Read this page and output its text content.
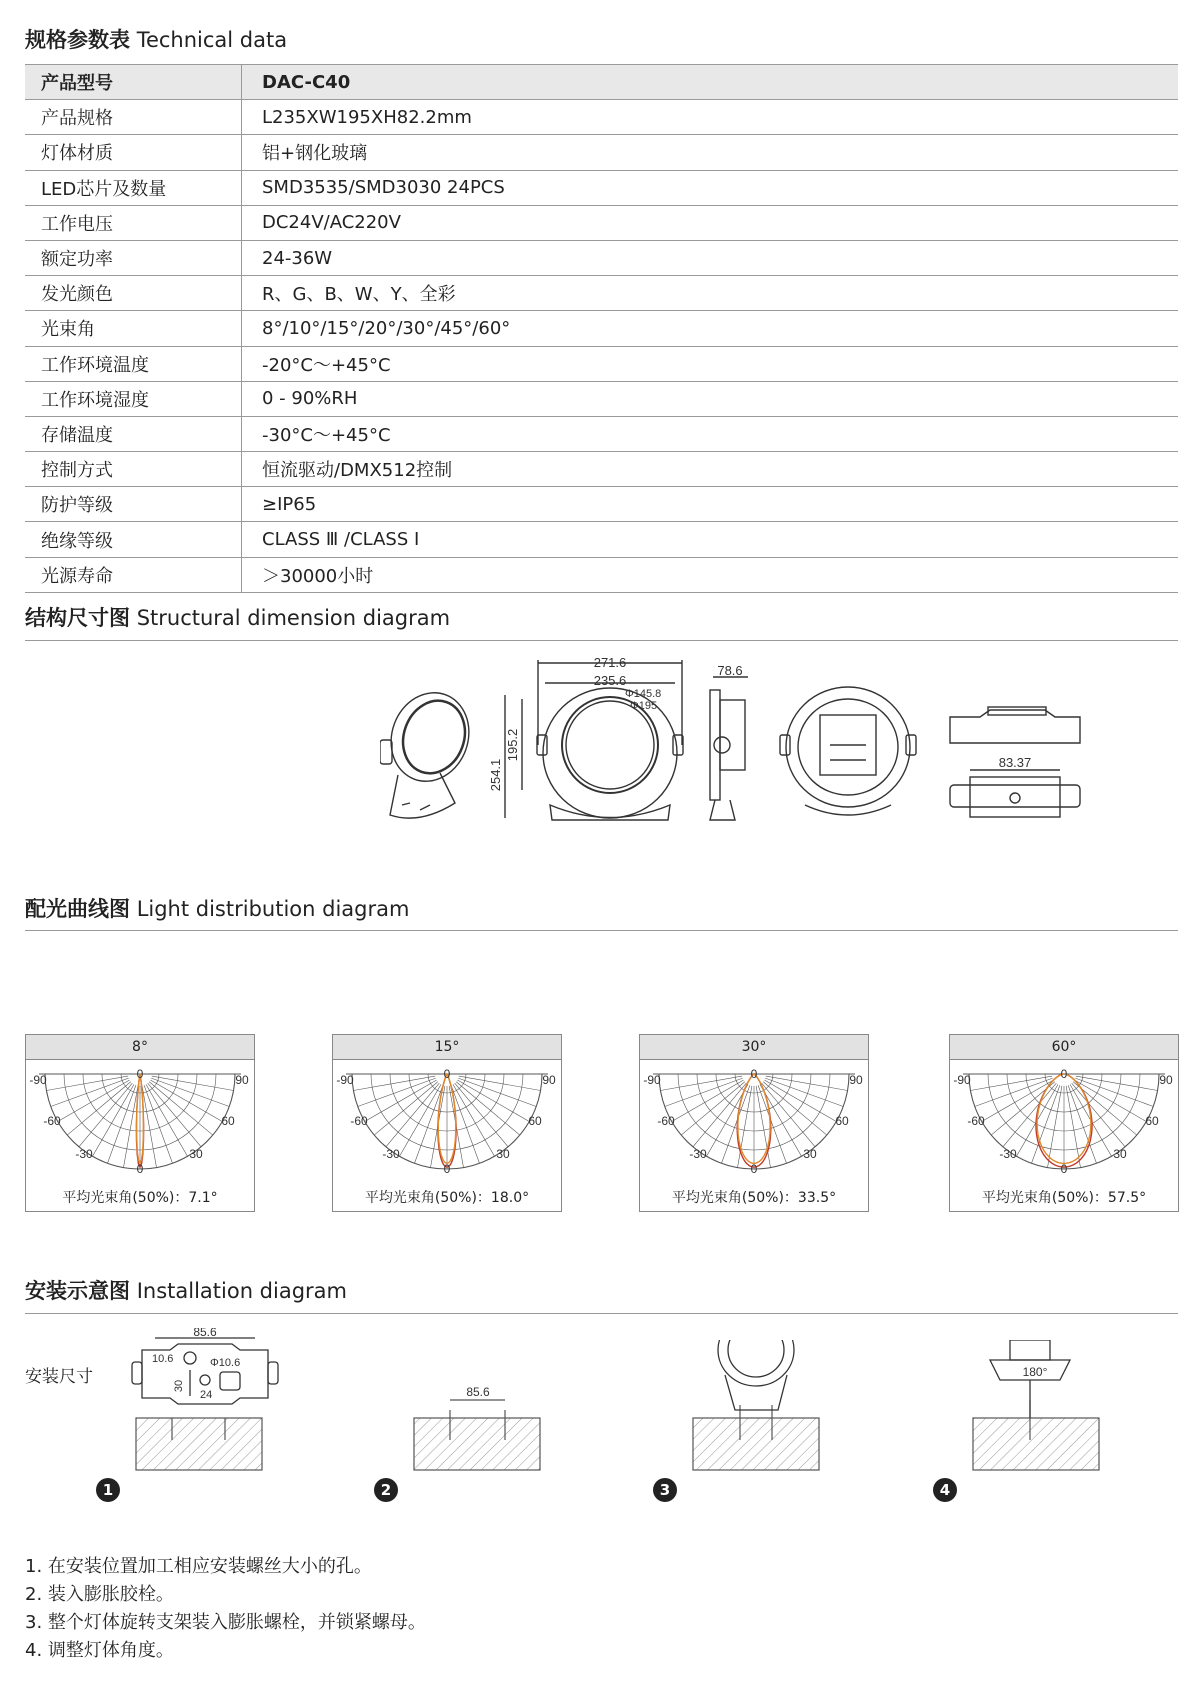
规格参数表 Technical data
产品型号	DAC-C40
产品规格	L235XW195XH82.2mm
灯体材质	铝+钢化玻璃
LED芯片及数量	SMD3535/SMD3030 24PCS
工作电压	DC24V/AC220V
额定功率	24-36W
发光颜色	R、G、B、W、Y、全彩
光束角	8°/10°/15°/20°/30°/45°/60°
工作环境温度	-20°C～+45°C
工作环境湿度	0 - 90%RH
存储温度	-30°C～+45°C
控制方式	恒流驱动/DMX512控制
防护等级	≥IP65
绝缘等级	CLASS Ⅲ /CLASS Ⅰ
光源寿命	＞30000小时
结构尺寸图 Structural dimension diagram
271.6
235.6
Φ145.8
Φ195
254.1
195.2
78.6
83.37
配光曲线图 Light distribution diagram
8°
-90	90
-60	60
-30	30
0
0
平均光束角(50%)：7.1°
15°
-90	90
-60	60
-30	30
0
0
平均光束角(50%)：18.0°
30°
-90	90
-60	60
-30	30
0
0
平均光束角(50%)：33.5°
60°
-90	90
-60	60
-30	30
0
0
平均光束角(50%)：57.5°
安装示意图 Installation diagram
安装尺寸
85.6
10.6	Φ10.6
30
24	85.6
180°
1	2	3	4
1. 在安装位置加工相应安装螺丝大小的孔。
2. 装入膨胀胶栓。
3. 整个灯体旋转支架装入膨胀螺栓，并锁紧螺母。
4. 调整灯体角度。
